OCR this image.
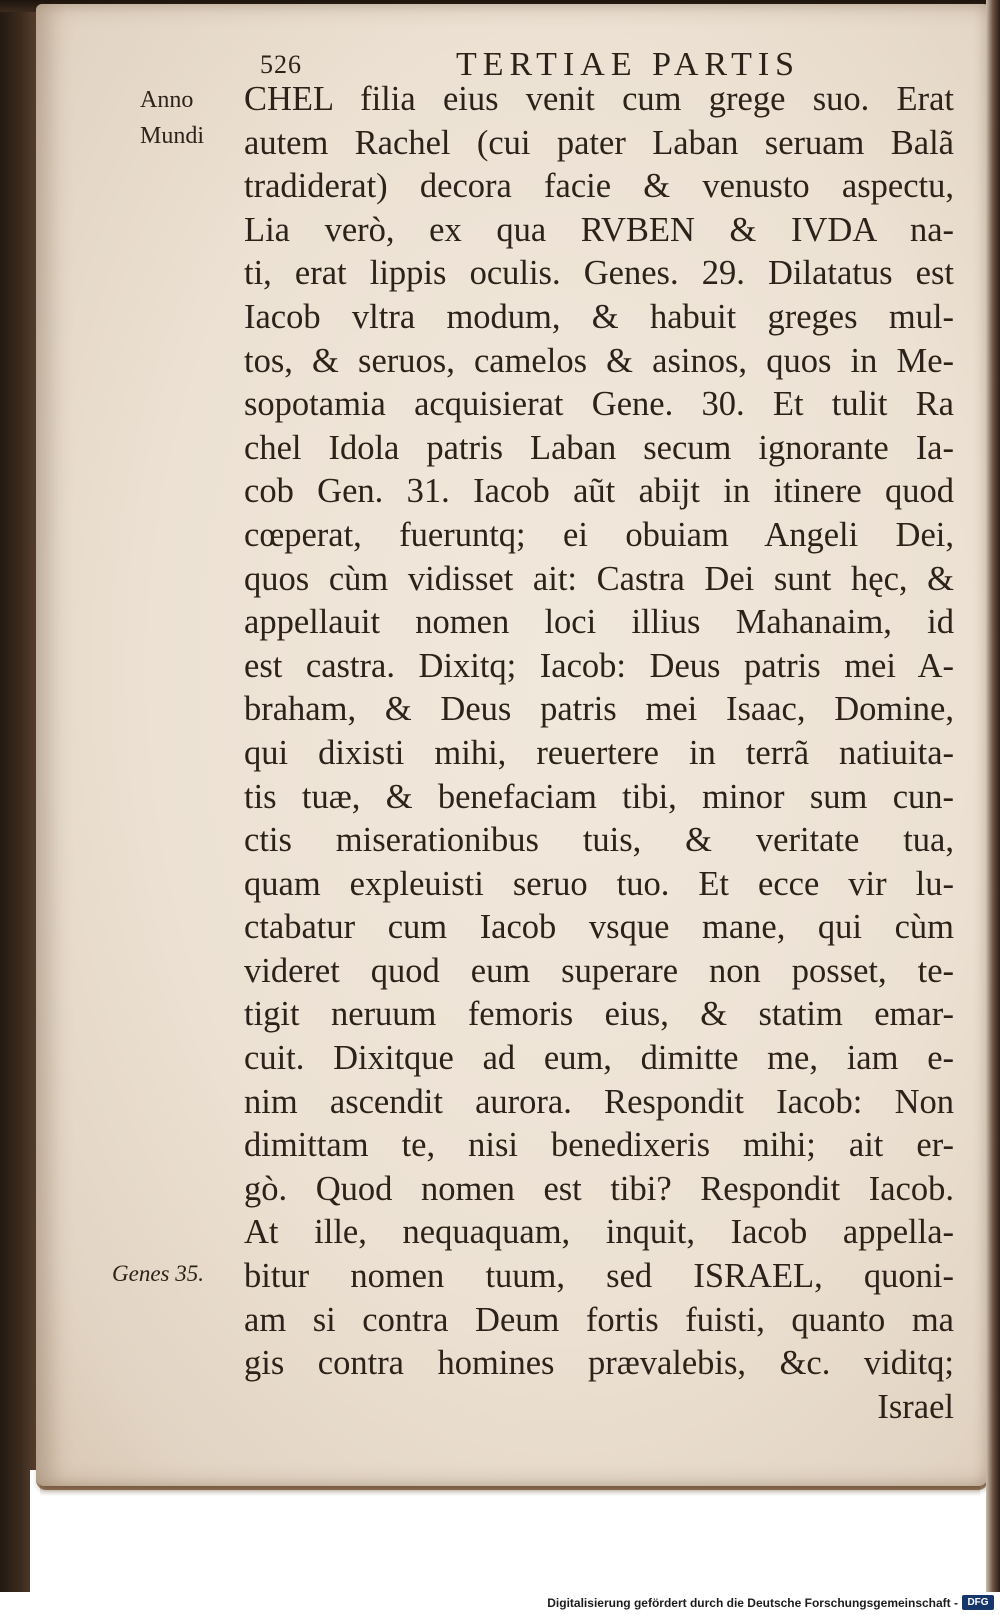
526	TERTIAE PARTIS
Anno
Mundi
Genes 35.
CHEL filia eius venit cum grege suo. Erat
autem Rachel (cui pater Laban seruam Balã
tradiderat) decora facie & venusto aspectu,
Lia verò, ex qua RVBEN & IVDA na-
ti, erat lippis oculis. Genes. 29. Dilatatus est
Iacob vltra modum, & habuit greges mul-
tos, & seruos, camelos & asinos, quos in Me-
sopotamia acquisierat Gene. 30. Et tulit Ra
chel Idola patris Laban secum ignorante Ia-
cob Gen. 31. Iacob aũt abijt in itinere quod
cœperat, fueruntq; ei obuiam Angeli Dei,
quos cùm vidisset ait: Castra Dei sunt hęc, &
appellauit nomen loci illius Mahanaim, id
est castra. Dixitq; Iacob: Deus patris mei A-
braham, & Deus patris mei Isaac, Domine,
qui dixisti mihi, reuertere in terrã natiuita-
tis tuæ, & benefaciam tibi, minor sum cun-
ctis miserationibus tuis, & veritate tua,
quam expleuisti seruo tuo. Et ecce vir lu-
ctabatur cum Iacob vsque mane, qui cùm
videret quod eum superare non posset, te-
tigit neruum femoris eius, & statim emar-
cuit. Dixitque ad eum, dimitte me, iam e-
nim ascendit aurora. Respondit Iacob: Non
dimittam te, nisi benedixeris mihi; ait er-
gò. Quod nomen est tibi? Respondit Iacob.
At ille, nequaquam, inquit, Iacob appella-
bitur nomen tuum, sed ISRAEL, quoni-
am si contra Deum fortis fuisti, quanto ma
gis contra homines prævalebis, &c. viditq;
Israel
Digitalisierung gefördert durch die Deutsche Forschungsgemeinschaft - DFG
